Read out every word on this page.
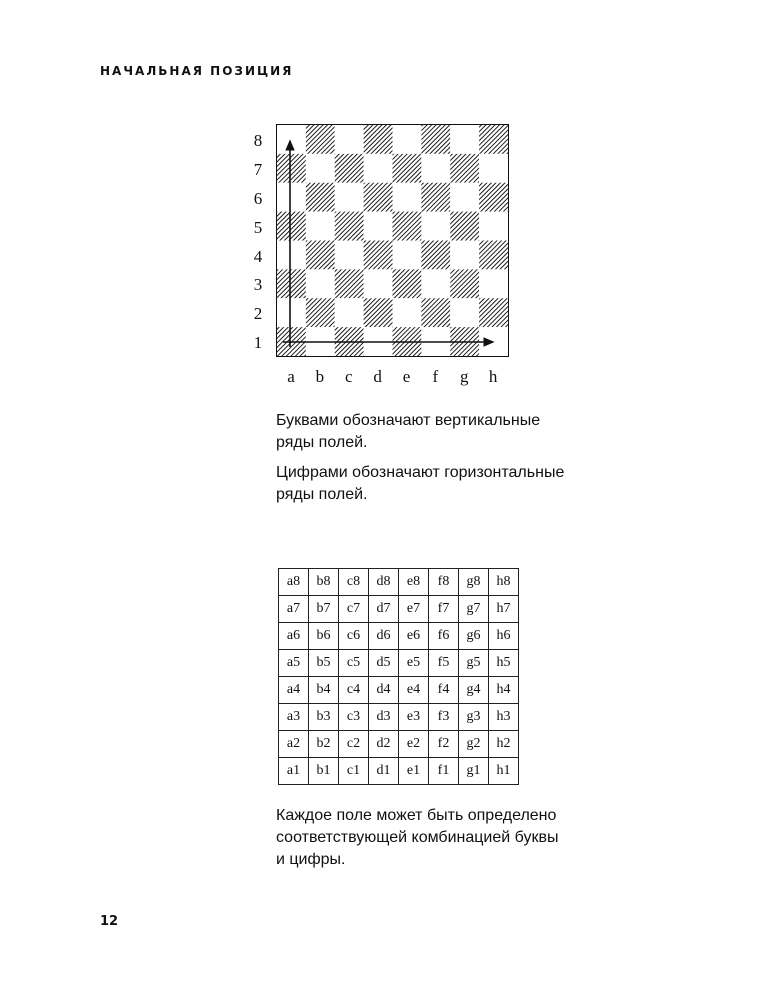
НАЧАЛЬНАЯ ПОЗИЦИЯ
8
7
6
5
4
3
2
1
a	b	c	d	e	f	g	h
Буквами обозначают вертикальные ряды полей.
Цифрами обозначают горизонтальные ряды полей.
a8	b8	c8	d8	e8	f8	g8	h8
a7	b7	c7	d7	e7	f7	g7	h7
a6	b6	c6	d6	e6	f6	g6	h6
a5	b5	c5	d5	e5	f5	g5	h5
a4	b4	c4	d4	e4	f4	g4	h4
a3	b3	c3	d3	e3	f3	g3	h3
a2	b2	c2	d2	e2	f2	g2	h2
a1	b1	c1	d1	e1	f1	g1	h1
Каждое поле может быть определено соответствующей комбинацией буквы и цифры.
12
